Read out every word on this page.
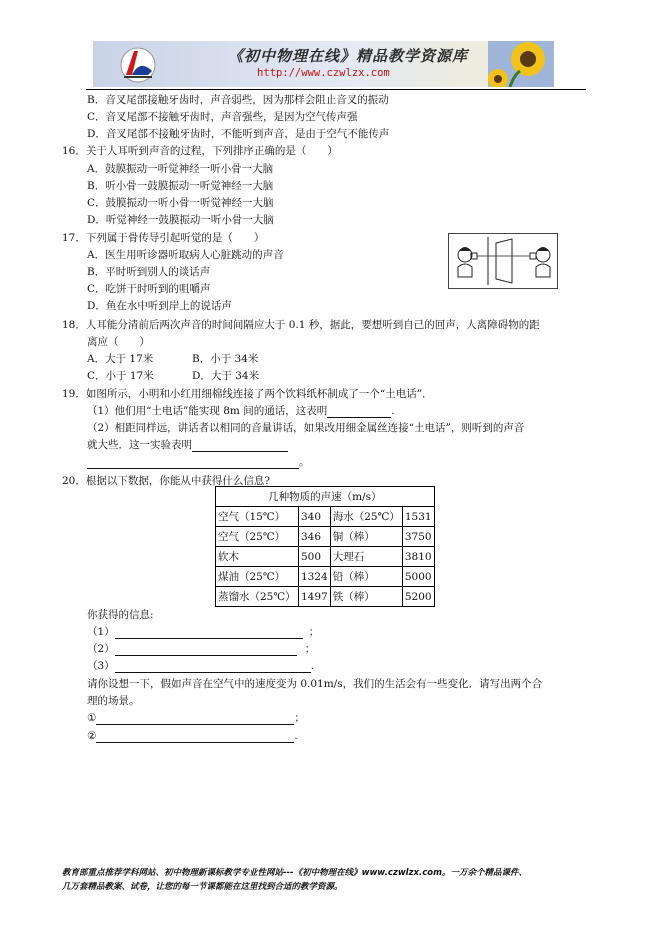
《初中物理在线》精品教学资源库
http://www.czwlzx.com
B．音叉尾部接触牙齿时，声音弱些，因为那样会阻止音叉的振动
C．音叉尾部不接触牙齿时，声音强些，是因为空气传声强
D．音叉尾部不接触牙齿时，不能听到声音，是由于空气不能传声
16．关于人耳听到声音的过程，下列排序正确的是（　　）
A．鼓膜振动一听觉神经一听小骨一大脑
B．听小骨一鼓膜振动一听觉神经一大脑
C．鼓膜振动一听小骨一听觉神经一大脑
D．听觉神经一鼓膜振动一听小骨一大脑
17．下列属于骨传导引起听觉的是（　　）
A．医生用听诊器听取病人心脏跳动的声音
B．平时听到别人的谈话声
C．吃饼干时听到的咀嚼声
D．鱼在水中听到岸上的说话声
18．人耳能分清前后两次声音的时间间隔应大于 0.1 秒，据此，要想听到自己的回声，人离障碍物的距
离应（　　）
A．大于 17米	B．小于 34米
C．小于 17米	D．大于 34米
19．如图所示，小明和小红用细棉线连接了两个饮料纸杯制成了一个“土电话”．
（1）他们用“土电话”能实现 8m 间的通话，这表明	.
（2）相距同样远，讲话者以相同的音量讲话，如果改用细金属丝连接“土电话”，则听到的声音
就大些．这一实验表明
。
20．根据以下数据，你能从中获得什么信息?
几种物质的声速（m/s）			
空气（15℃）	340	海水（25℃）	1531
空气（25℃）	346	铜（棒）	3750
软木	500	大理石	3810
煤油（25℃）	1324	铅（棒）	5000
蒸馏水（25℃）	1497	铁（棒）	5200
你获得的信息:
（1）	；
（2）	；
（3）	.
请你设想一下，假如声音在空气中的速度变为 0.01m/s，我们的生活会有一些变化．请写出两个合
理的场景。
①	；
②	.
教育部重点推荐学科网站、初中物理新课标教学专业性网站---《初中物理在线》www.czwlzx.com。一万余个精品课件、
几万套精品教案、试卷，让您的每一节课都能在这里找到合适的教学资源。
